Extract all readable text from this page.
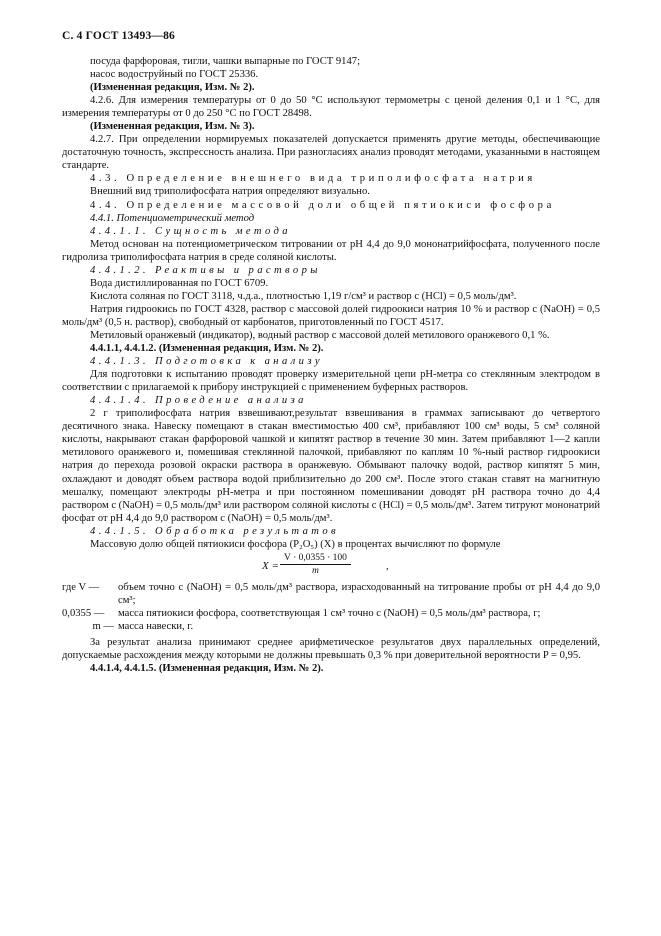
С. 4 ГОСТ 13493—86

посуда фарфоровая, тигли, чашки выпарные по ГОСТ 9147;

насос водоструйный по ГОСТ 25336.

(Измененная редакция, Изм. № 2).

4.2.6. Для измерения температуры от 0 до 50 °С используют термометры с ценой деления 0,1 и 1 °С, для измерения температуры от 0 до 250 °С по ГОСТ 28498.

(Измененная редакция, Изм. № 3).

4.2.7. При определении нормируемых показателей допускается применять другие методы, обеспечивающие достаточную точность, экспрессность анализа. При разногласиях анализ проводят методами, указанными в настоящем стандарте.

4.3. Определение внешнего вида триполифосфата натрия

Внешний вид триполифосфата натрия определяют визуально.

4.4. Определение массовой доли общей пятиокиси фосфора

4.4.1. Потенциометрический метод

4.4.1.1. Сущность метода

Метод основан на потенциометрическом титровании от pH 4,4 до 9,0 мононатрийфосфата, полученного после гидролиза триполифосфата натрия в среде соляной кислоты.

4.4.1.2. Реактивы и растворы

Вода дистиллированная по ГОСТ 6709.

Кислота соляная по ГОСТ 3118, ч.д.а., плотностью 1,19 г/см³ и раствор c (HCl) = 0,5 моль/дм³.

Натрия гидроокись по ГОСТ 4328, раствор с массовой долей гидроокиси натрия 10 % и раствор c (NaOH) = 0,5 моль/дм³ (0,5 н. раствор), свободный от карбонатов, приготовленный по ГОСТ 4517.

Метиловый оранжевый (индикатор), водный раствор с массовой долей метилового оранжевого 0,1 %.

4.4.1.1, 4.4.1.2. (Измененная редакция, Изм. № 2).

4.4.1.3. Подготовка к анализу

Для подготовки к испытанию проводят проверку измерительной цепи pH-метра со стеклянным электродом в соответствии с прилагаемой к прибору инструкцией с применением буферных растворов.

4.4.1.4. Проведение анализа

2 г триполифосфата натрия взвешивают,результат взвешивания в граммах записывают до четвертого десятичного знака. Навеску помещают в стакан вместимостью 400 см³, прибавляют 100 см³ воды, 5 см³ соляной кислоты, накрывают стакан фарфоровой чашкой и кипятят раствор в течение 30 мин. Затем прибавляют 1—2 капли метилового оранжевого и, помешивая стеклянной палочкой, прибавляют по каплям 10 %-ный раствор гидроокиси натрия до перехода розовой окраски раствора в оранжевую. Обмывают палочку водой, раствор кипятят 5 мин, охлаждают и доводят объем раствора водой приблизительно до 200 см³. После этого стакан ставят на магнитную мешалку, помещают электроды pH-метра и при постоянном помешивании доводят pH раствора точно до 4,4 раствором c (NaOH) = 0,5 моль/дм³ или раствором соляной кислоты c (HCl) = 0,5 моль/дм³. Затем титруют мононатрий фосфат от pH 4,4 до 9,0 раствором c (NaOH) = 0,5 моль/дм³.

4.4.1.5. Обработка результатов

Массовую долю общей пятиокиси фосфора (P₂O₅) (X) в процентах вычисляют по формуле

$X = \frac{V \cdot 0,0355 \cdot 100}{m}$	,
где V —	объем точно c (NaOH) = 0,5 моль/дм³ раствора, израсходованный на титрование пробы от pH 4,4 до 9,0 см³;
0,0355 —	масса пятиокиси фосфора, соответствующая 1 см³ точно c (NaOH) = 0,5 моль/дм³ раствора, г;
m — масса навески, г.

За результат анализа принимают среднее арифметическое результатов двух параллельных определений, допускаемые расхождения между которыми не должны превышать 0,3 % при доверительной вероятности P = 0,95.

4.4.1.4, 4.4.1.5. (Измененная редакция, Изм. № 2).
